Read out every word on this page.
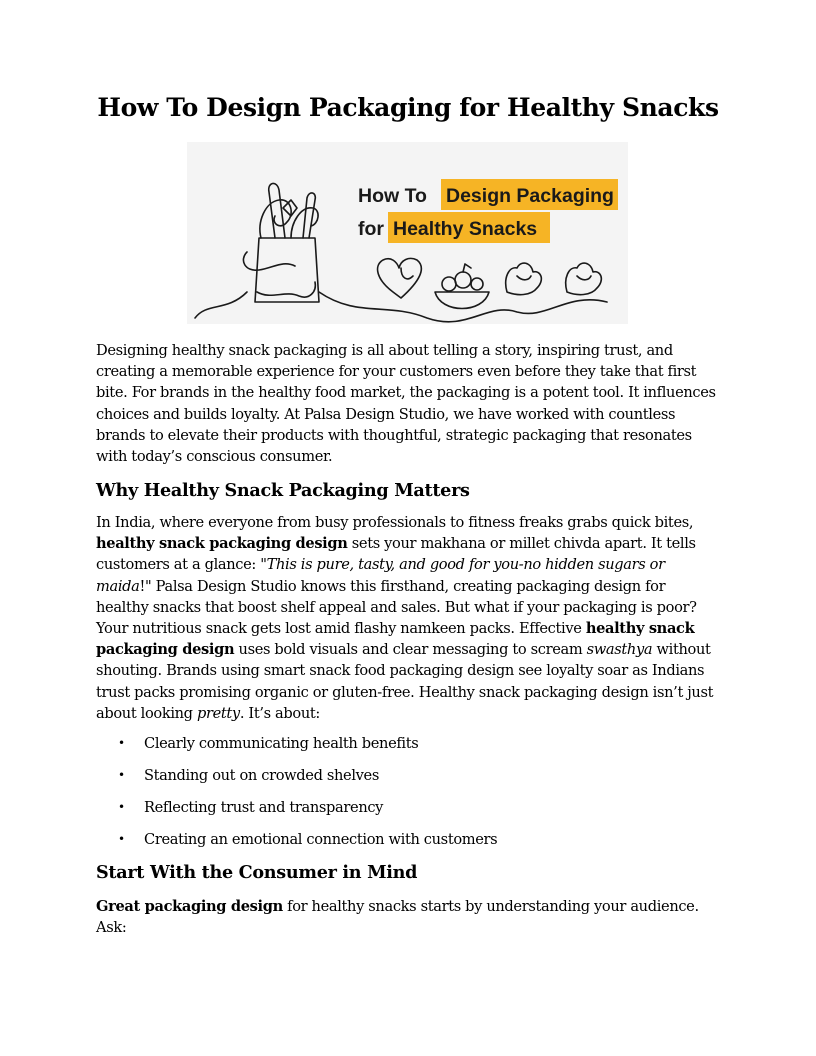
How To Design Packaging for Healthy Snacks
How To Design Packaging
for Healthy Snacks

Designing healthy snack packaging is all about telling a story, inspiring trust, and creating a memorable experience for your customers even before they take that first bite. For brands in the healthy food market, the packaging is a potent tool. It influences choices and builds loyalty. At Palsa Design Studio, we have worked with countless brands to elevate their products with thoughtful, strategic packaging that resonates with today’s conscious consumer.

Why Healthy Snack Packaging Matters

In India, where everyone from busy professionals to fitness freaks grabs quick bites, healthy snack packaging design sets your makhana or millet chivda apart. It tells customers at a glance: "This is pure, tasty, and good for you-no hidden sugars or maida!" Palsa Design Studio knows this firsthand, creating packaging design for healthy snacks that boost shelf appeal and sales. But what if your packaging is poor? Your nutritious snack gets lost amid flashy namkeen packs. Effective healthy snack packaging design uses bold visuals and clear messaging to scream swasthya without shouting. Brands using smart snack food packaging design see loyalty soar as Indians trust packs promising organic or gluten-free. Healthy snack packaging design isn’t just about looking pretty. It’s about:

• Clearly communicating health benefits
• Standing out on crowded shelves
• Reflecting trust and transparency
• Creating an emotional connection with customers
Start With the Consumer in Mind

Great packaging design for healthy snacks starts by understanding your audience. Ask:
